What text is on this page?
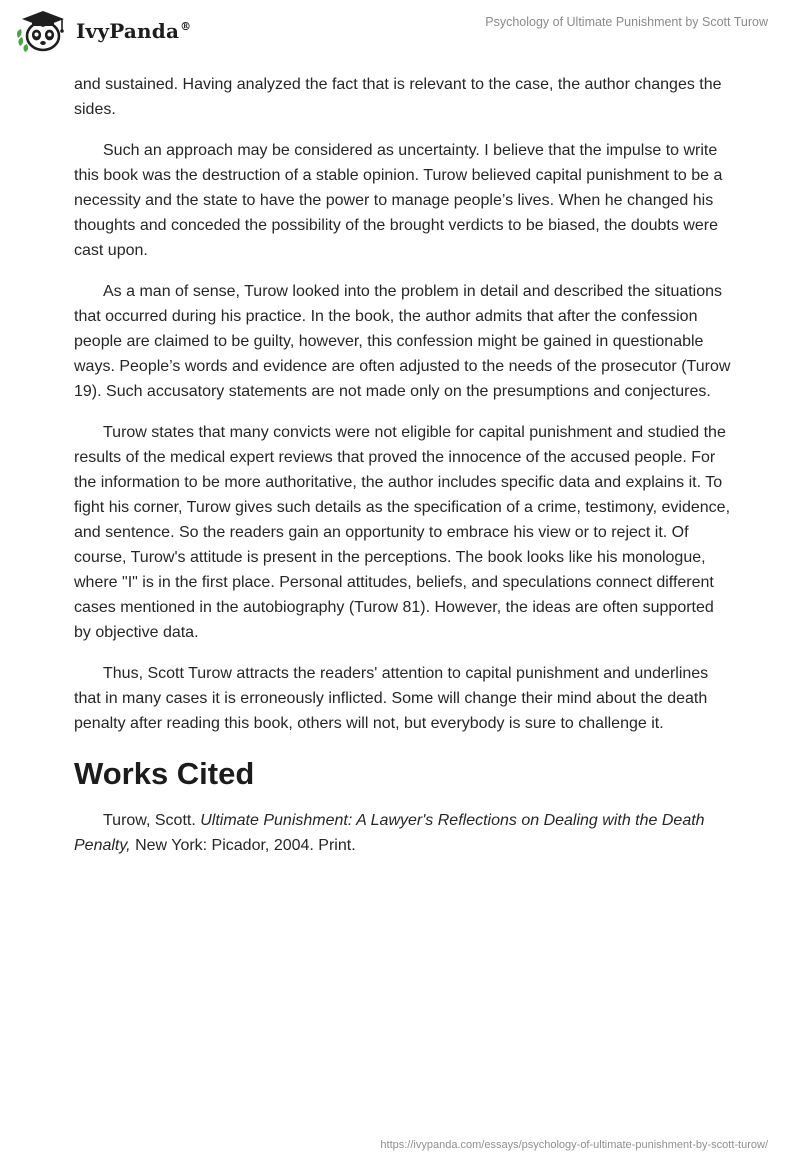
IvyPanda®	Psychology of Ultimate Punishment by Scott Turow

and sustained. Having analyzed the fact that is relevant to the case, the author changes the sides.

Such an approach may be considered as uncertainty. I believe that the impulse to write this book was the destruction of a stable opinion. Turow believed capital punishment to be a necessity and the state to have the power to manage people’s lives. When he changed his thoughts and conceded the possibility of the brought verdicts to be biased, the doubts were cast upon.

As a man of sense, Turow looked into the problem in detail and described the situations that occurred during his practice. In the book, the author admits that after the confession people are claimed to be guilty, however, this confession might be gained in questionable ways. People’s words and evidence are often adjusted to the needs of the prosecutor (Turow 19). Such accusatory statements are not made only on the presumptions and conjectures.

Turow states that many convicts were not eligible for capital punishment and studied the results of the medical expert reviews that proved the innocence of the accused people. For the information to be more authoritative, the author includes specific data and explains it. To fight his corner, Turow gives such details as the specification of a crime, testimony, evidence, and sentence. So the readers gain an opportunity to embrace his view or to reject it. Of course, Turow's attitude is present in the perceptions. The book looks like his monologue, where "I" is in the first place. Personal attitudes, beliefs, and speculations connect different cases mentioned in the autobiography (Turow 81). However, the ideas are often supported by objective data.

Thus, Scott Turow attracts the readers' attention to capital punishment and underlines that in many cases it is erroneously inflicted. Some will change their mind about the death penalty after reading this book, others will not, but everybody is sure to challenge it.

Works Cited

Turow, Scott. Ultimate Punishment: A Lawyer's Reflections on Dealing with the Death Penalty, New York: Picador, 2004. Print.

https://ivypanda.com/essays/psychology-of-ultimate-punishment-by-scott-turow/
